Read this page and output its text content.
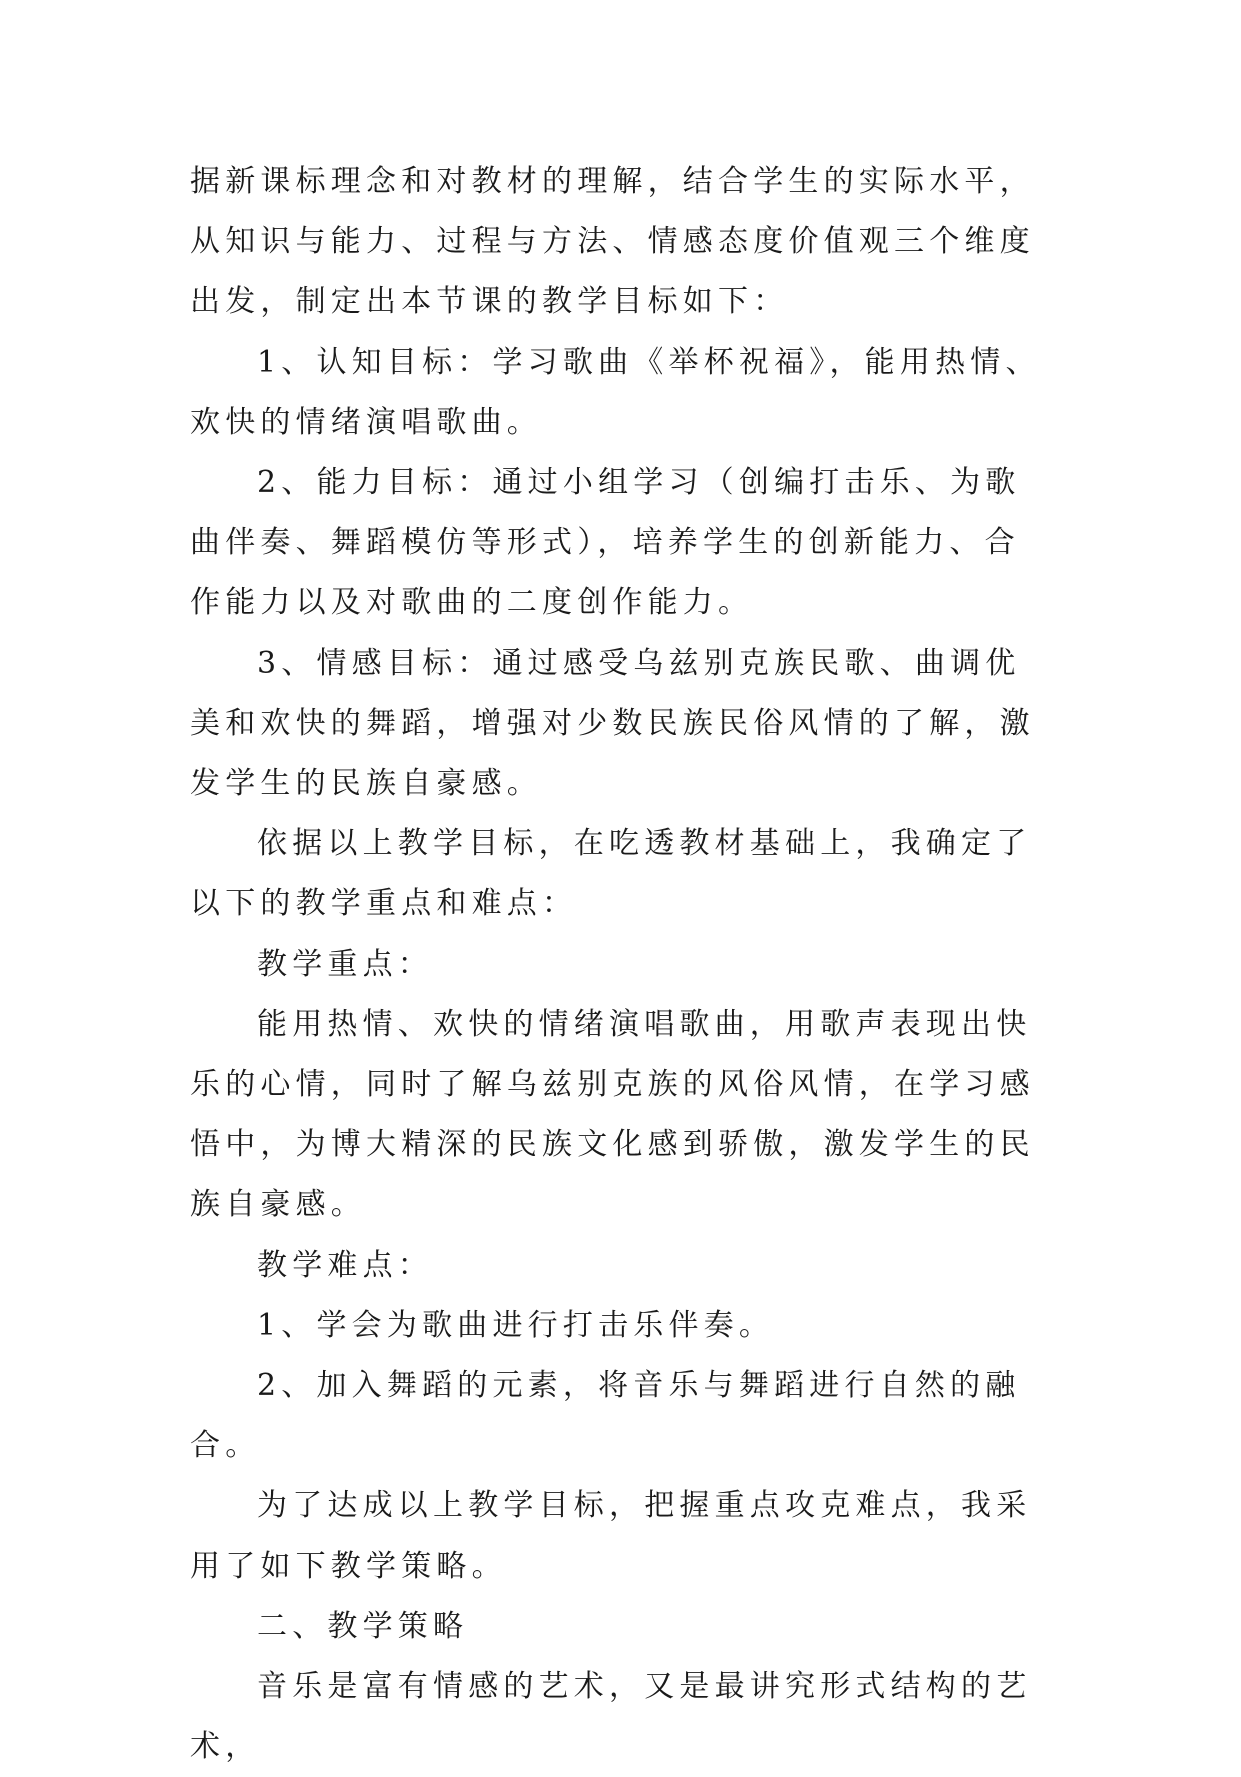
据新课标理念和对教材的理解，结合学生的实际水平，从知识与能力、过程与方法、情感态度价值观三个维度出发，制定出本节课的教学目标如下：

1、认知目标：学习歌曲《举杯祝福》，能用热情、欢快的情绪演唱歌曲。

2、能力目标：通过小组学习（创编打击乐、为歌曲伴奏、舞蹈模仿等形式），培养学生的创新能力、合作能力以及对歌曲的二度创作能力。

3、情感目标：通过感受乌兹别克族民歌、曲调优美和欢快的舞蹈，增强对少数民族民俗风情的了解，激发学生的民族自豪感。

依据以上教学目标，在吃透教材基础上，我确定了以下的教学重点和难点：

教学重点：

能用热情、欢快的情绪演唱歌曲，用歌声表现出快乐的心情，同时了解乌兹别克族的风俗风情，在学习感悟中，为博大精深的民族文化感到骄傲，激发学生的民族自豪感。

教学难点：

1、学会为歌曲进行打击乐伴奏。

2、加入舞蹈的元素，将音乐与舞蹈进行自然的融合。

为了达成以上教学目标，把握重点攻克难点，我采用了如下教学策略。

二、教学策略

音乐是富有情感的艺术，又是最讲究形式结构的艺术，
